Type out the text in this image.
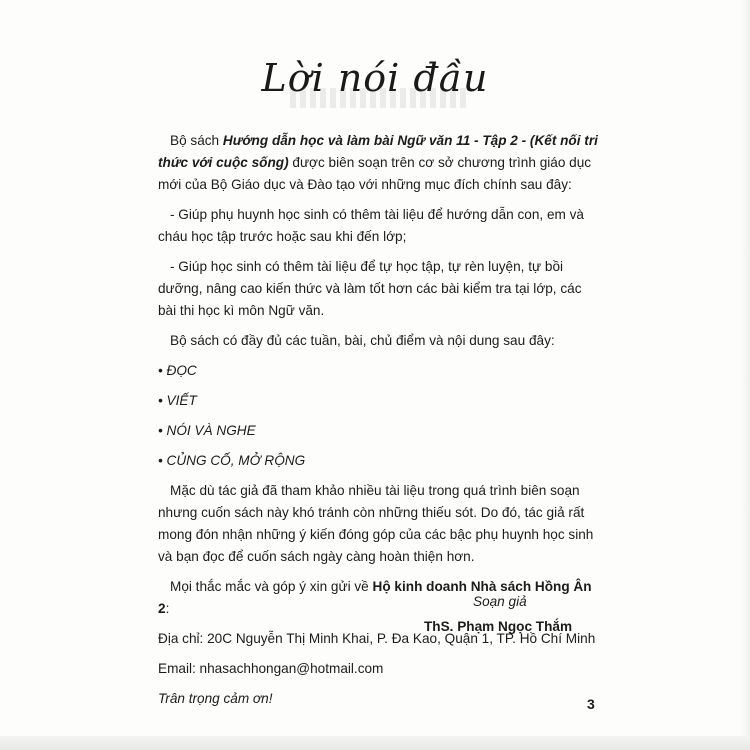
Lời nói đầu

Bộ sách Hướng dẫn học và làm bài Ngữ văn 11 - Tập 2 - (Kết nối tri thức với cuộc sống) được biên soạn trên cơ sở chương trình giáo dục mới của Bộ Giáo dục và Đào tạo với những mục đích chính sau đây:

- Giúp phụ huynh học sinh có thêm tài liệu để hướng dẫn con, em và cháu học tập trước hoặc sau khi đến lớp;

- Giúp học sinh có thêm tài liệu để tự học tập, tự rèn luyện, tự bồi dưỡng, nâng cao kiến thức và làm tốt hơn các bài kiểm tra tại lớp, các bài thi học kì môn Ngữ văn.

Bộ sách có đầy đủ các tuần, bài, chủ điểm và nội dung sau đây:

• ĐỌC

• VIẾT

• NÓI VÀ NGHE

• CỦNG CỐ, MỞ RỘNG

Mặc dù tác giả đã tham khảo nhiều tài liệu trong quá trình biên soạn nhưng cuốn sách này khó tránh còn những thiếu sót. Do đó, tác giả rất mong đón nhận những ý kiến đóng góp của các bậc phụ huynh học sinh và bạn đọc để cuốn sách ngày càng hoàn thiện hơn.

Mọi thắc mắc và góp ý xin gửi về Hộ kinh doanh Nhà sách Hồng Ân 2:

Địa chỉ: 20C Nguyễn Thị Minh Khai, P. Đa Kao, Quận 1, TP. Hồ Chí Minh

Email: nhasachhongan@hotmail.com

Trân trọng cảm ơn!

Soạn giả
ThS. Phạm Ngọc Thắm
3
